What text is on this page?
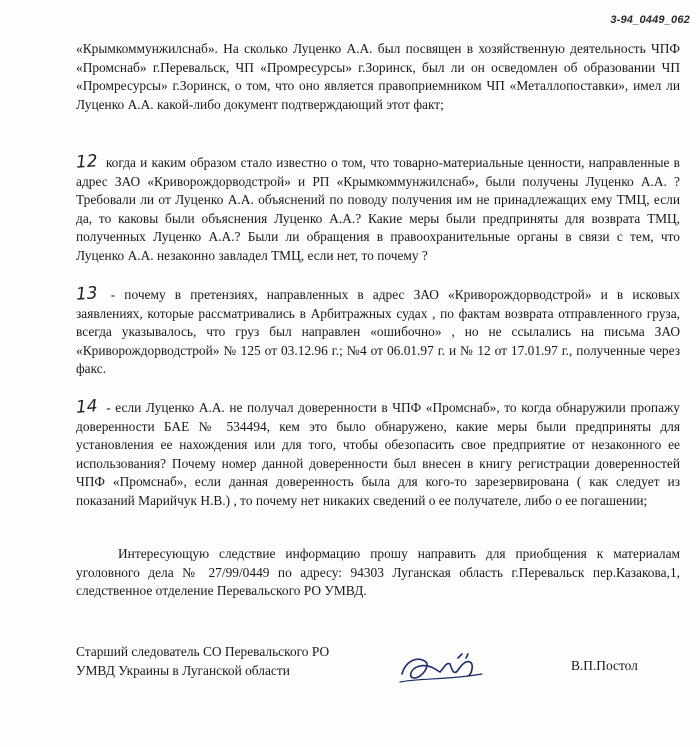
3-94_0449_062

«Крымкоммунжилснаб». На сколько Луценко А.А. был посвящен в хозяйственную деятельность ЧПФ «Промснаб» г.Перевальск, ЧП «Промресурсы» г.Зоринск, был ли он осведомлен об образовании ЧП «Промресурсы» г.Зоринск, о том, что оно является правоприемником ЧП «Металлопоставки», имел ли Луценко А.А. какой-либо документ подтверждающий этот факт;

12 когда и каким образом стало известно о том, что товарно-материальные ценности, направленные в адрес ЗАО «Криворождорводстрой» и РП «Крымкоммунжилснаб», были получены Луценко А.А. ? Требовали ли от Луценко А.А. объяснений по поводу получения им не принадлежащих ему ТМЦ, если да, то каковы были объяснения Луценко А.А.? Какие меры были предприняты для возврата ТМЦ, полученных Луценко А.А.? Были ли обращения в правоохранительные органы в связи с тем, что Луценко А.А. незаконно завладел ТМЦ, если нет, то почему ?

13 - почему в претензиях, направленных в адрес ЗАО «Криворождорводстрой» и в исковых заявлениях, которые рассматривались в Арбитражных судах , по фактам возврата отправленного груза, всегда указывалось, что груз был направлен «ошибочно» , но не ссылались на письма ЗАО «Криворождорводстрой» № 125 от 03.12.96 г.; №4 от 06.01.97 г. и № 12 от 17.01.97 г., полученные через факс.

14 - если Луценко А.А. не получал доверенности в ЧПФ «Промснаб», то когда обнаружили пропажу доверенности БАЕ № 534494, кем это было обнаружено, какие меры были предприняты для установления ее нахождения или для того, чтобы обезопасить свое предприятие от незаконного ее использования? Почему номер данной доверенности был внесен в книгу регистрации доверенностей ЧПФ «Промснаб», если данная доверенность была для кого-то зарезервирована ( как следует из показаний Марийчук Н.В.) , то почему нет никаких сведений о ее получателе, либо о ее погашении;

Интересующую следствие информацию прошу направить для приобщения к материалам уголовного дела № 27/99/0449 по адресу: 94303 Луганская область г.Перевальск пер.Казакова,1, следственное отделение Перевальского РО УМВД.

Старший следователь СО Перевальского РО
УМВД Украины в Луганской области	В.П.Постол
